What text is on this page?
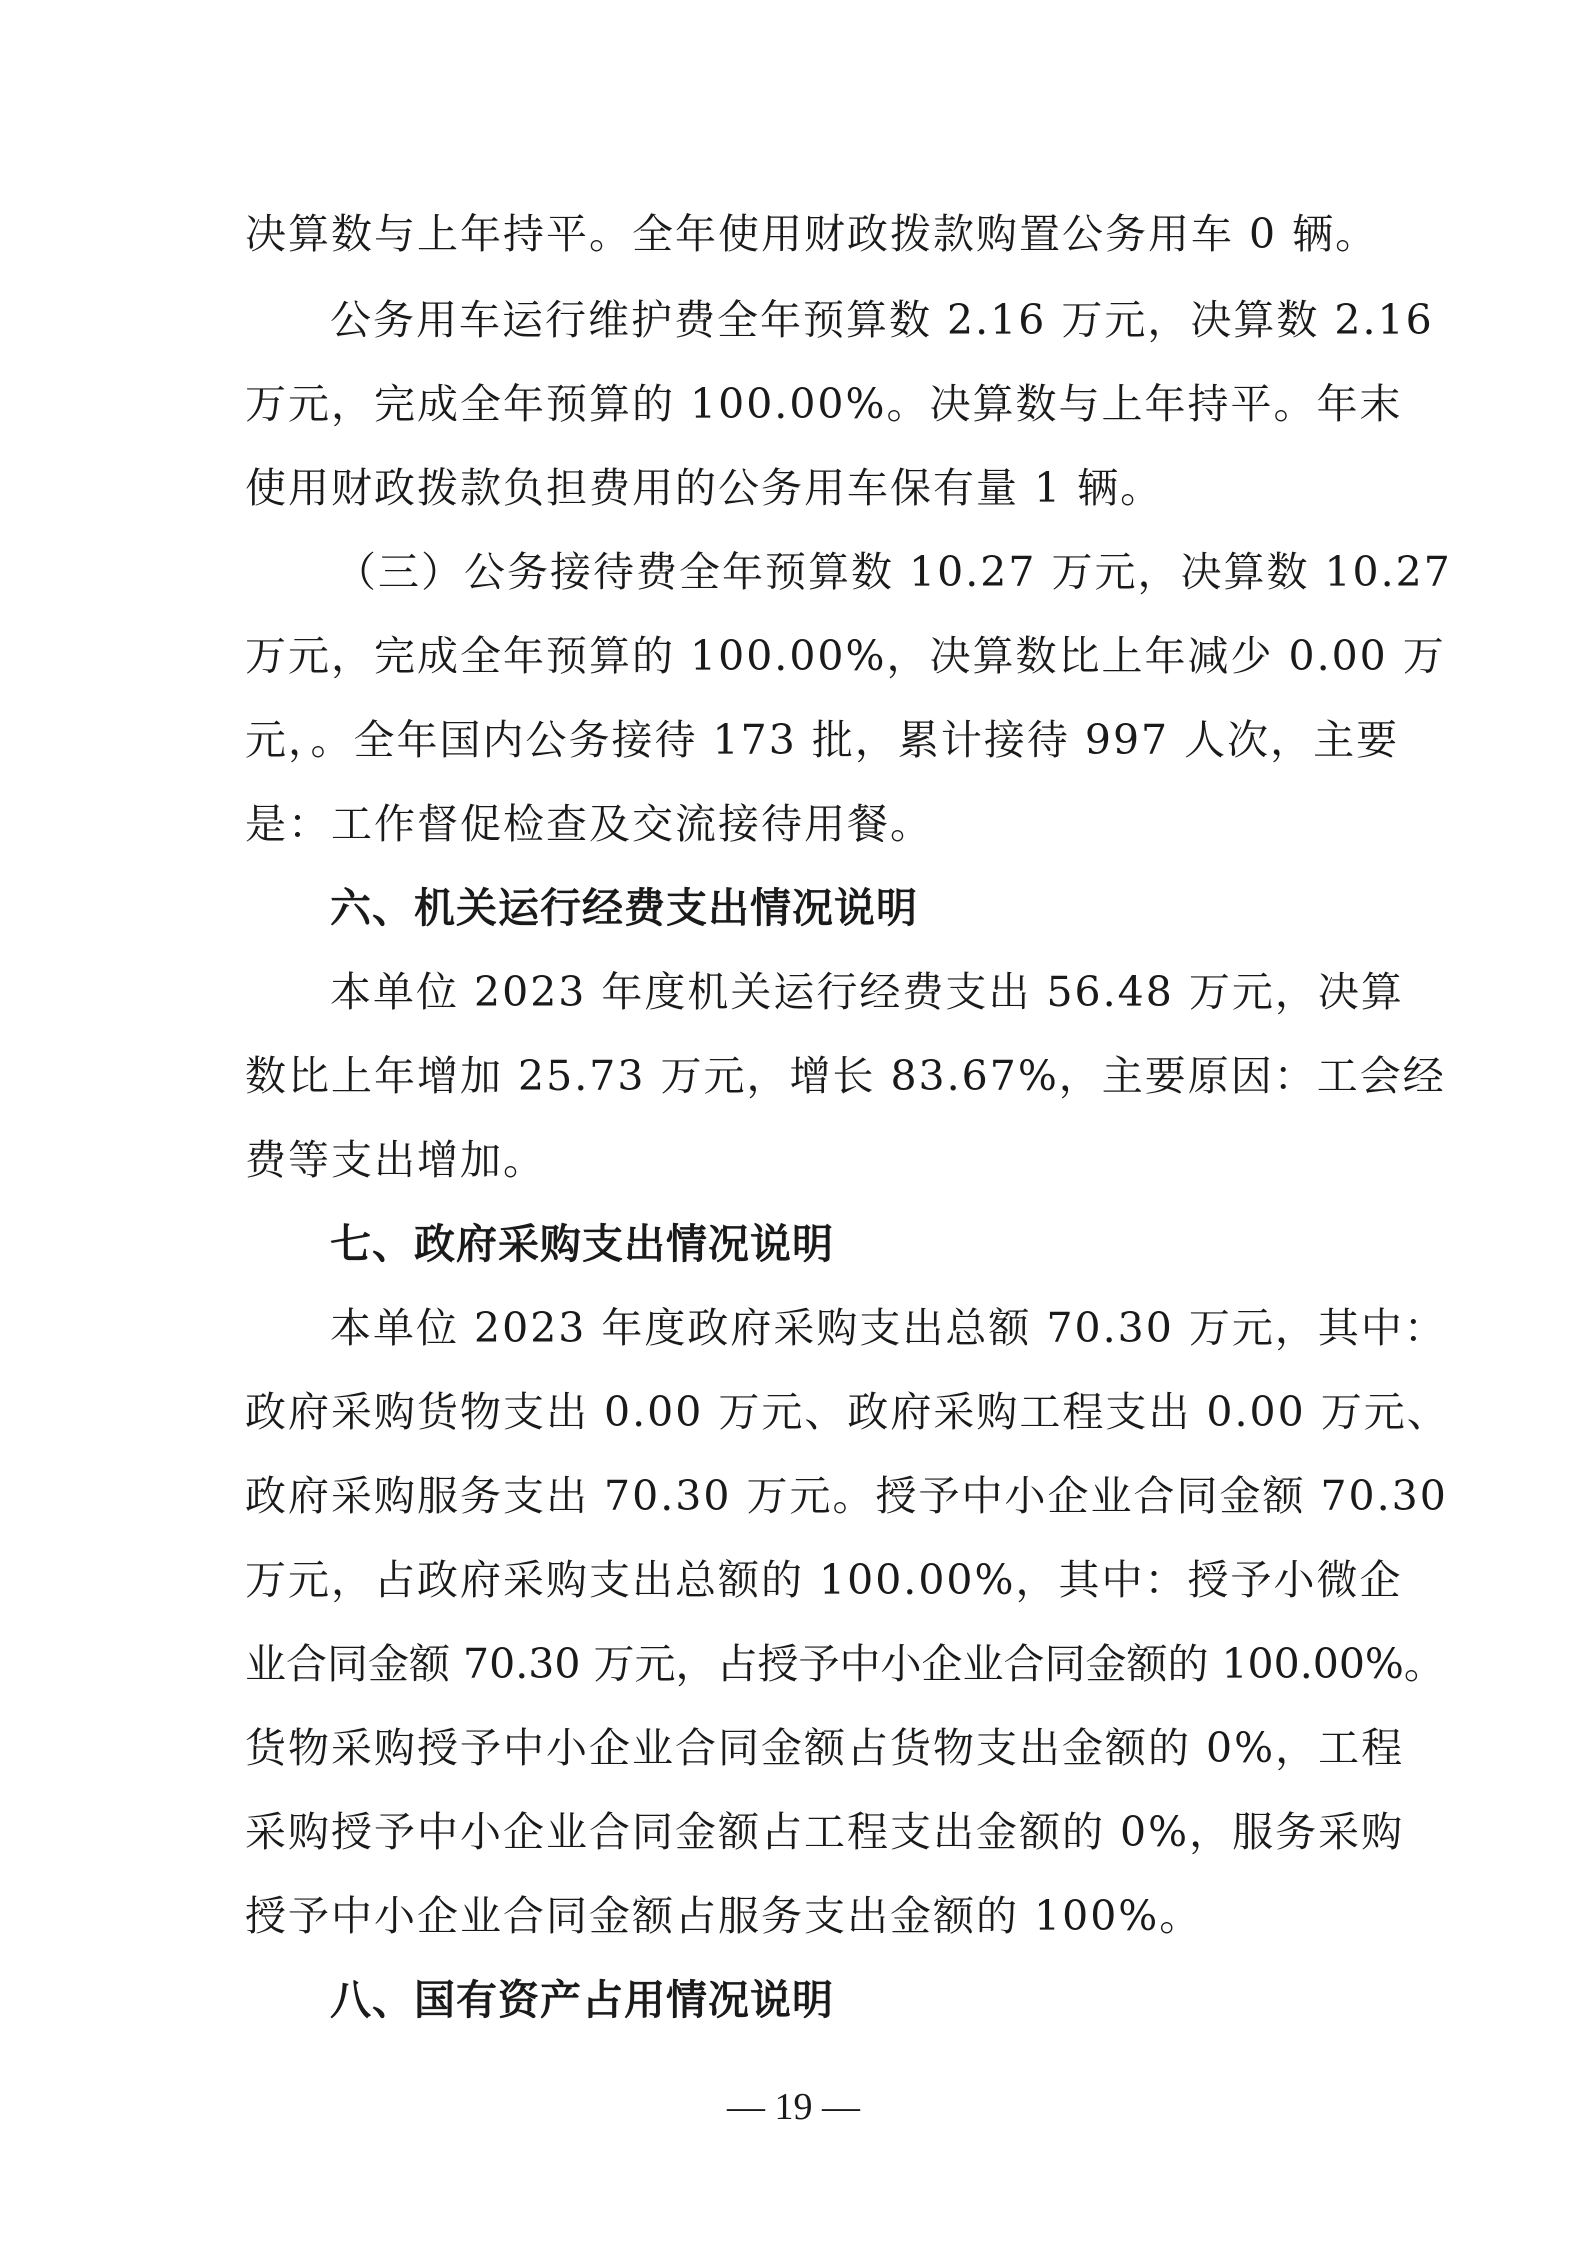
决算数与上年持平。全年使用财政拨款购置公务用车 0 辆。
公务用车运行维护费全年预算数 2.16 万元，决算数 2.16
万元，完成全年预算的 100.00%。决算数与上年持平。年末
使用财政拨款负担费用的公务用车保有量 1 辆。
（三）公务接待费全年预算数 10.27 万元，决算数 10.27
万元，完成全年预算的 100.00%，决算数比上年减少 0.00 万
元，。全年国内公务接待 173 批，累计接待 997 人次，主要
是：工作督促检查及交流接待用餐。
六、机关运行经费支出情况说明
本单位 2023 年度机关运行经费支出 56.48 万元，决算
数比上年增加 25.73 万元，增长 83.67%，主要原因：工会经
费等支出增加。
七、政府采购支出情况说明
本单位 2023 年度政府采购支出总额 70.30 万元，其中：
政府采购货物支出 0.00 万元、政府采购工程支出 0.00 万元、
政府采购服务支出 70.30 万元。授予中小企业合同金额 70.30
万元，占政府采购支出总额的 100.00%，其中：授予小微企
业合同金额 70.30 万元，占授予中小企业合同金额的 100.00%。
货物采购授予中小企业合同金额占货物支出金额的 0%，工程
采购授予中小企业合同金额占工程支出金额的 0%，服务采购
授予中小企业合同金额占服务支出金额的 100%。
八、国有资产占用情况说明
— 19 —
